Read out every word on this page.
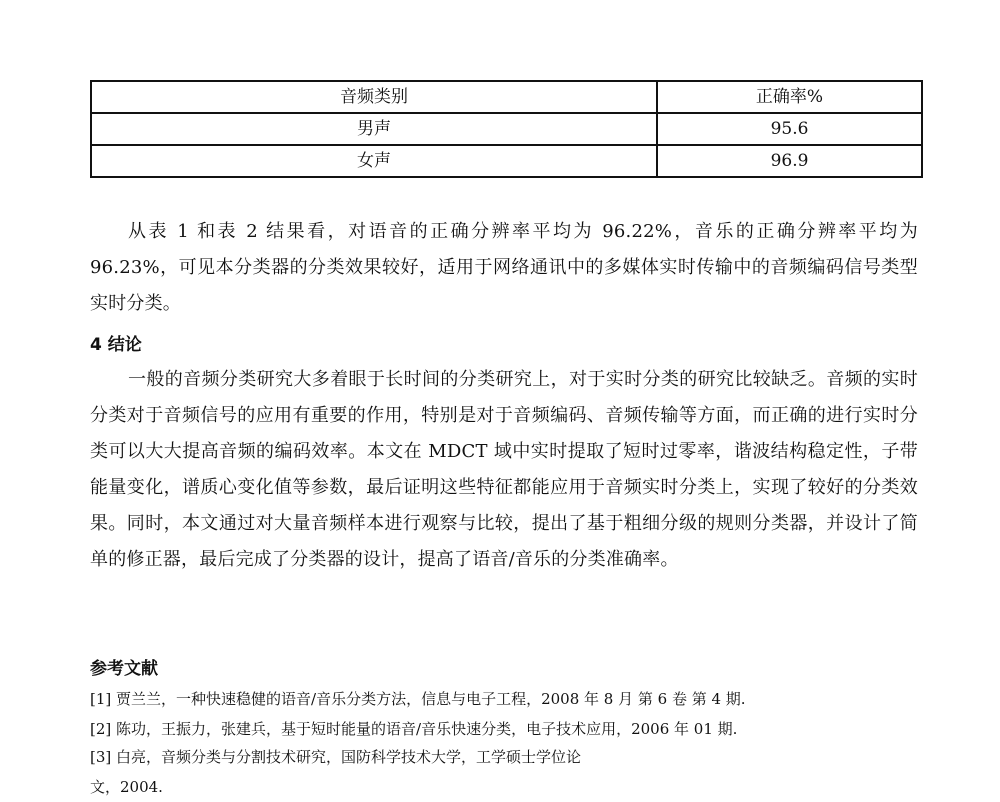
音频类别	正确率%
男声	95.6
女声	96.9

从表 1 和表 2 结果看，对语音的正确分辨率平均为 96.22%，音乐的正确分辨率平均为 96.23%，可见本分类器的分类效果较好，适用于网络通讯中的多媒体实时传输中的音频编码信号类型实时分类。

4 结论

一般的音频分类研究大多着眼于长时间的分类研究上，对于实时分类的研究比较缺乏。音频的实时分类对于音频信号的应用有重要的作用，特别是对于音频编码、音频传输等方面，而正确的进行实时分类可以大大提高音频的编码效率。本文在 MDCT 域中实时提取了短时过零率，谐波结构稳定性，子带能量变化，谱质心变化值等参数，最后证明这些特征都能应用于音频实时分类上，实现了较好的分类效果。同时，本文通过对大量音频样本进行观察与比较，提出了基于粗细分级的规则分类器，并设计了简单的修正器，最后完成了分类器的设计，提高了语音/音乐的分类准确率。

参考文献
[1] 贾兰兰，一种快速稳健的语音/音乐分类方法，信息与电子工程，2008 年 8 月 第 6 卷 第 4 期.
[2] 陈功，王振力，张建兵，基于短时能量的语音/音乐快速分类，电子技术应用，2006 年 01 期.
[3] 白亮，音频分类与分割技术研究，国防科学技术大学，工学硕士学位论文，2004.
